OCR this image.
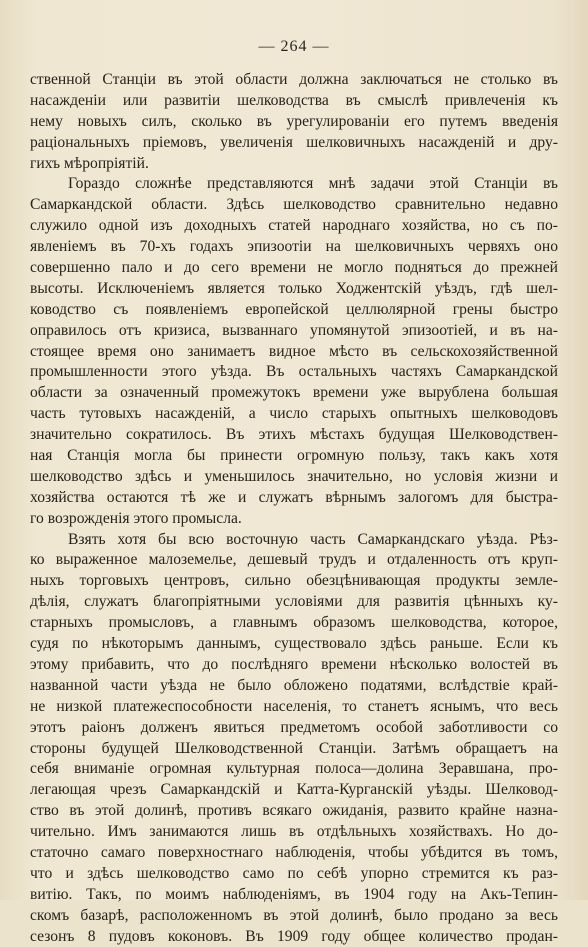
— 264 —
ственной Станціи въ этой области должна заключаться не столько въ
насажденіи или развитіи шелководства въ смыслѣ привлеченія къ
нему новыхъ силъ, сколько въ урегулированіи его путемъ введенія
раціональныхъ пріемовъ, увеличенія шелковичныхъ насажденій и дру-
гихъ мѣропріятій.
Гораздо сложнѣе представляются мнѣ задачи этой Станціи въ
Самаркандской области. Здѣсь шелководство сравнительно недавно
служило одной изъ доходныхъ статей народнаго хозяйства, но съ по-
явленіемъ въ 70-хъ годахъ эпизоотіи на шелковичныхъ червяхъ оно
совершенно пало и до сего времени не могло подняться до прежней
высоты. Исключеніемъ является только Ходжентскій уѣздъ, гдѣ шел-
ководство съ появленіемъ европейской целлюлярной грены быстро
оправилось отъ кризиса, вызваннаго упомянутой эпизоотіей, и въ на-
стоящее время оно занимаетъ видное мѣсто въ сельскохозяйственной
промышленности этого уѣзда. Въ остальныхъ частяхъ Самаркандской
области за означенный промежутокъ времени уже вырублена большая
часть тутовыхъ насажденій, а число старыхъ опытныхъ шелководовъ
значительно сократилось. Въ этихъ мѣстахъ будущая Шелководствен-
ная Станція могла бы принести огромную пользу, такъ какъ хотя
шелководство здѣсь и уменьшилось значительно, но условія жизни и
хозяйства остаются тѣ же и служатъ вѣрнымъ залогомъ для быстра-
го возрожденія этого промысла.
Взять хотя бы всю восточную часть Самаркандскаго уѣзда. Рѣз-
ко выраженное малоземелье, дешевый трудъ и отдаленность отъ круп-
ныхъ торговыхъ центровъ, сильно обезцѣнивающая продукты земле-
дѣлія, служатъ благопріятными условіями для развитія цѣнныхъ ку-
старныхъ промысловъ, а главнымъ образомъ шелководства, которое,
судя по нѣкоторымъ даннымъ, существовало здѣсь раньше. Если къ
этому прибавить, что до послѣдняго времени нѣсколько волостей въ
названной части уѣзда не было обложено податями, вслѣдствіе край-
не низкой платежеспособности населенія, то станетъ яснымъ, что весь
этотъ раіонъ долженъ явиться предметомъ особой заботливости со
стороны будущей Шелководственной Станціи. Затѣмъ обращаетъ на
себя вниманіе огромная культурная полоса—долина Зеравшана, про-
легающая чрезъ Самаркандскій и Катта-Курганскій уѣзды. Шелковод-
ство въ этой долинѣ, противъ всякаго ожиданія, развито крайне назна-
чительно. Имъ занимаются лишь въ отдѣльныхъ хозяйствахъ. Но до-
статочно самаго поверхностнаго наблюденія, чтобы убѣдится въ томъ,
что и здѣсь шелководство само по себѣ упорно стремится къ раз-
витію. Такъ, по моимъ наблюденіямъ, въ 1904 году на Акъ-Тепин-
скомъ базарѣ, расположенномъ въ этой долинѣ, было продано за весь
сезонъ 8 пудовъ коконовъ. Въ 1909 году общее количество продан-
